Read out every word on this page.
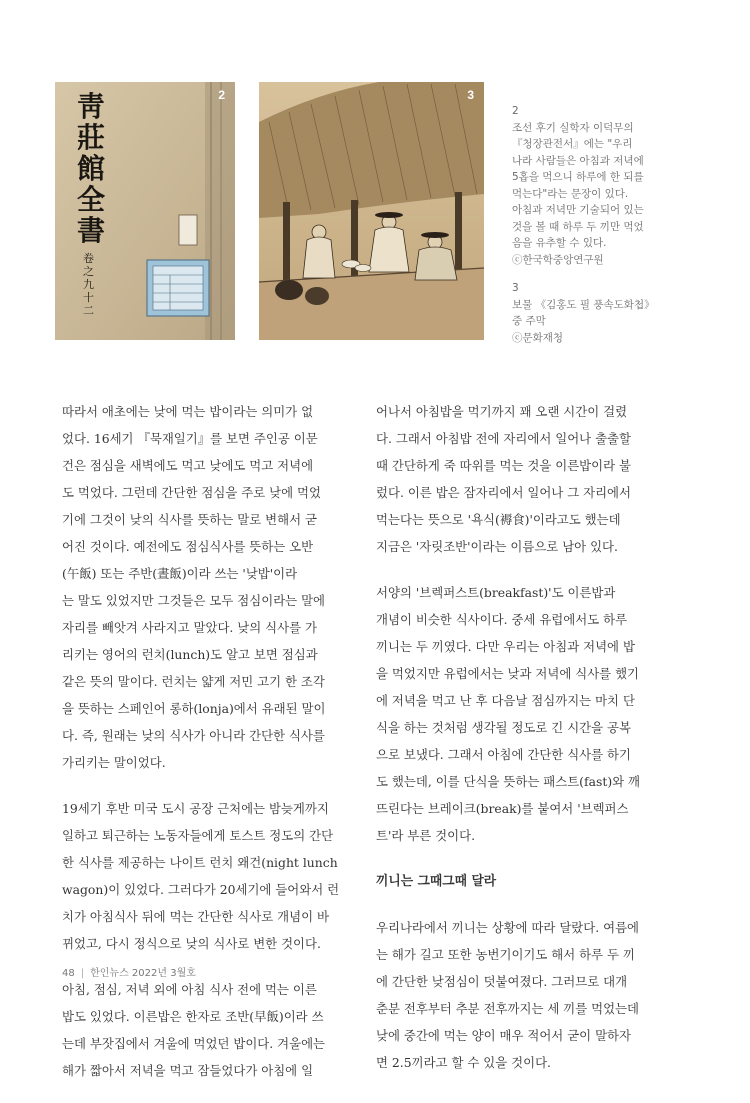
靑
莊
館
全
書
2
卷之九十二
3
2
조선 후기 실학자 이덕무의
『청장관전서』에는 "우리
나라 사람들은 아침과 저녁에
5홉을 먹으니 하루에 한 되를
먹는다"라는 문장이 있다.
아침과 저녁만 기술되어 있는
것을 볼 때 하루 두 끼만 먹었
음을 유추할 수 있다.
ⓒ한국학중앙연구원
3
보물 《김홍도 필 풍속도화첩》
중 주막
ⓒ문화재청
따라서 애초에는 낮에 먹는 밥이라는 의미가 없
었다. 16세기 『묵재일기』를 보면 주인공 이문
건은 점심을 새벽에도 먹고 낮에도 먹고 저녁에
도 먹었다. 그런데 간단한 점심을 주로 낮에 먹었
기에 그것이 낮의 식사를 뜻하는 말로 변해서 굳
어진 것이다. 예전에도 점심식사를 뜻하는 오반
(午飯) 또는 주반(晝飯)이라 쓰는 '낮밥'이라
는 말도 있었지만 그것들은 모두 점심이라는 말에
자리를 빼앗겨 사라지고 말았다. 낮의 식사를 가
리키는 영어의 런치(lunch)도 알고 보면 점심과
같은 뜻의 말이다. 런치는 얇게 저민 고기 한 조각
을 뜻하는 스페인어 롱하(lonja)에서 유래된 말이
다. 즉, 원래는 낮의 식사가 아니라 간단한 식사를
가리키는 말이었다.
19세기 후반 미국 도시 공장 근처에는 밤늦게까지
일하고 퇴근하는 노동자들에게 토스트 정도의 간단
한 식사를 제공하는 나이트 런치 왜건(night lunch
wagon)이 있었다. 그러다가 20세기에 들어와서 런
치가 아침식사 뒤에 먹는 간단한 식사로 개념이 바
뀌었고, 다시 정식으로 낮의 식사로 변한 것이다.
아침, 점심, 저녁 외에 아침 식사 전에 먹는 이른
밥도 있었다. 이른밥은 한자로 조반(早飯)이라 쓰
는데 부잣집에서 겨울에 먹었던 밥이다. 겨울에는
해가 짧아서 저녁을 먹고 잠들었다가 아침에 일
어나서 아침밥을 먹기까지 꽤 오랜 시간이 걸렸
다. 그래서 아침밥 전에 자리에서 일어나 출출할
때 간단하게 죽 따위를 먹는 것을 이른밥이라 불
렀다. 이른 밥은 잠자리에서 일어나 그 자리에서
먹는다는 뜻으로 '욕식(褥食)'이라고도 했는데
지금은 '자릿조반'이라는 이름으로 남아 있다.
서양의 '브렉퍼스트(breakfast)'도 이른밥과
개념이 비슷한 식사이다. 중세 유럽에서도 하루
끼니는 두 끼였다. 다만 우리는 아침과 저녁에 밥
을 먹었지만 유럽에서는 낮과 저녁에 식사를 했기
에 저녁을 먹고 난 후 다음날 점심까지는 마치 단
식을 하는 것처럼 생각될 정도로 긴 시간을 공복
으로 보냈다. 그래서 아침에 간단한 식사를 하기
도 했는데, 이를 단식을 뜻하는 패스트(fast)와 깨
뜨린다는 브레이크(break)를 붙여서 '브렉퍼스
트'라 부른 것이다.
끼니는 그때그때 달라
우리나라에서 끼니는 상황에 따라 달랐다. 여름에
는 해가 길고 또한 농번기이기도 해서 하루 두 끼
에 간단한 낮점심이 덧붙여졌다. 그러므로 대개
춘분 전후부터 추분 전후까지는 세 끼를 먹었는데
낮에 중간에 먹는 양이 매우 적어서 굳이 말하자
면 2.5끼라고 할 수 있을 것이다.
48 | 한인뉴스 2022년 3월호
